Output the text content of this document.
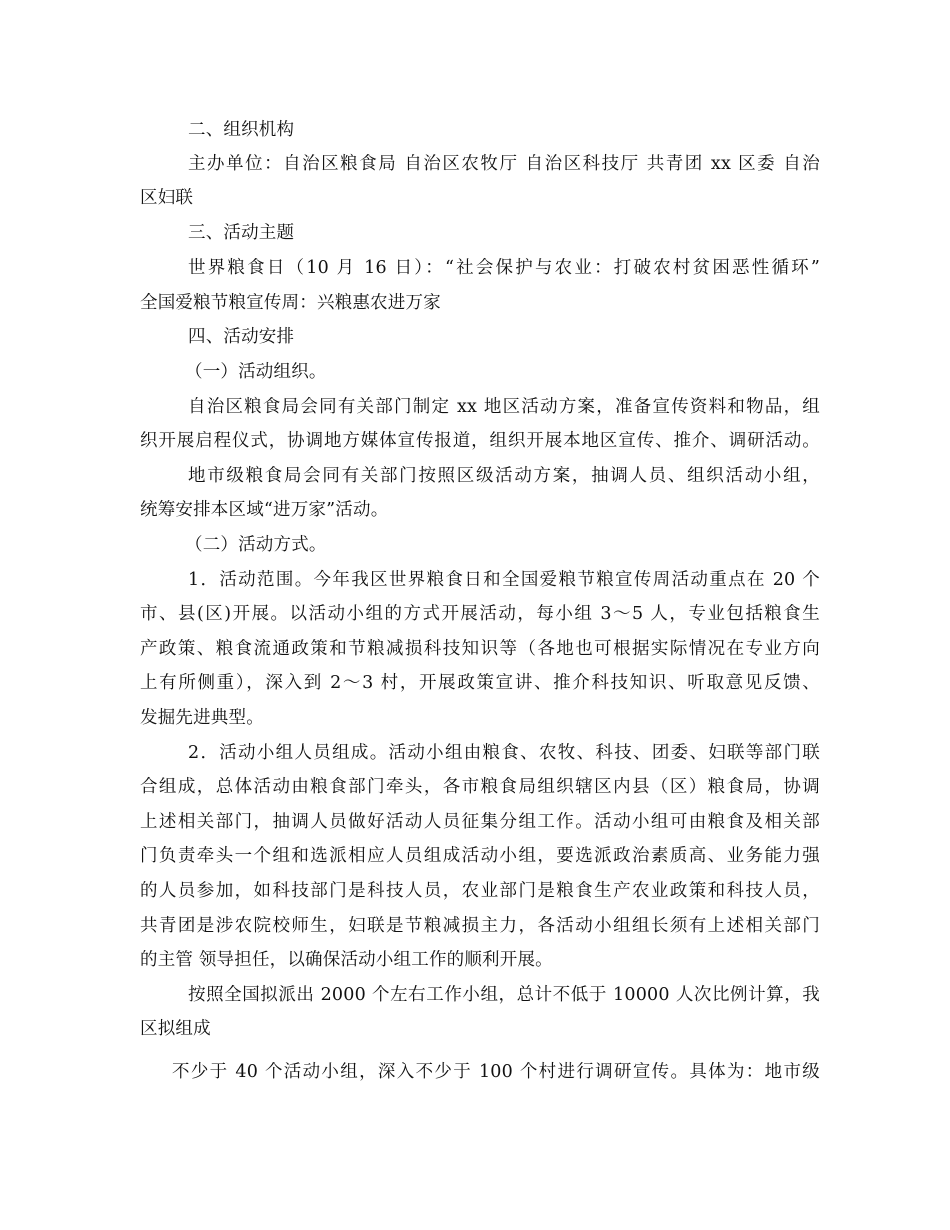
二、组织机构
主办单位：自治区粮食局 自治区农牧厅 自治区科技厅 共青团 xx 区委 自治
区妇联
三、活动主题
世界粮食日（10 月 16 日）：“社会保护与农业：打破农村贫困恶性循环”
全国爱粮节粮宣传周：兴粮惠农进万家
四、活动安排
（一）活动组织。
自治区粮食局会同有关部门制定 xx 地区活动方案，准备宣传资料和物品，组
织开展启程仪式，协调地方媒体宣传报道，组织开展本地区宣传、推介、调研活动。
地市级粮食局会同有关部门按照区级活动方案，抽调人员、组织活动小组，
统筹安排本区域“进万家”活动。
（二）活动方式。
1．活动范围。今年我区世界粮食日和全国爱粮节粮宣传周活动重点在 20 个
市、县(区)开展。以活动小组的方式开展活动，每小组 3～5 人，专业包括粮食生
产政策、粮食流通政策和节粮减损科技知识等（各地也可根据实际情况在专业方向
上有所侧重），深入到 2～3 村，开展政策宣讲、推介科技知识、听取意见反馈、
发掘先进典型。
2．活动小组人员组成。活动小组由粮食、农牧、科技、团委、妇联等部门联
合组成，总体活动由粮食部门牵头，各市粮食局组织辖区内县（区）粮食局，协调
上述相关部门，抽调人员做好活动人员征集分组工作。活动小组可由粮食及相关部
门负责牵头一个组和选派相应人员组成活动小组，要选派政治素质高、业务能力强
的人员参加，如科技部门是科技人员，农业部门是粮食生产农业政策和科技人员，
共青团是涉农院校师生，妇联是节粮减损主力，各活动小组组长须有上述相关部门
的主管 领导担任，以确保活动小组工作的顺利开展。
按照全国拟派出 2000 个左右工作小组，总计不低于 10000 人次比例计算，我
区拟组成
不少于 40 个活动小组，深入不少于 100 个村进行调研宣传。具体为：地市级
